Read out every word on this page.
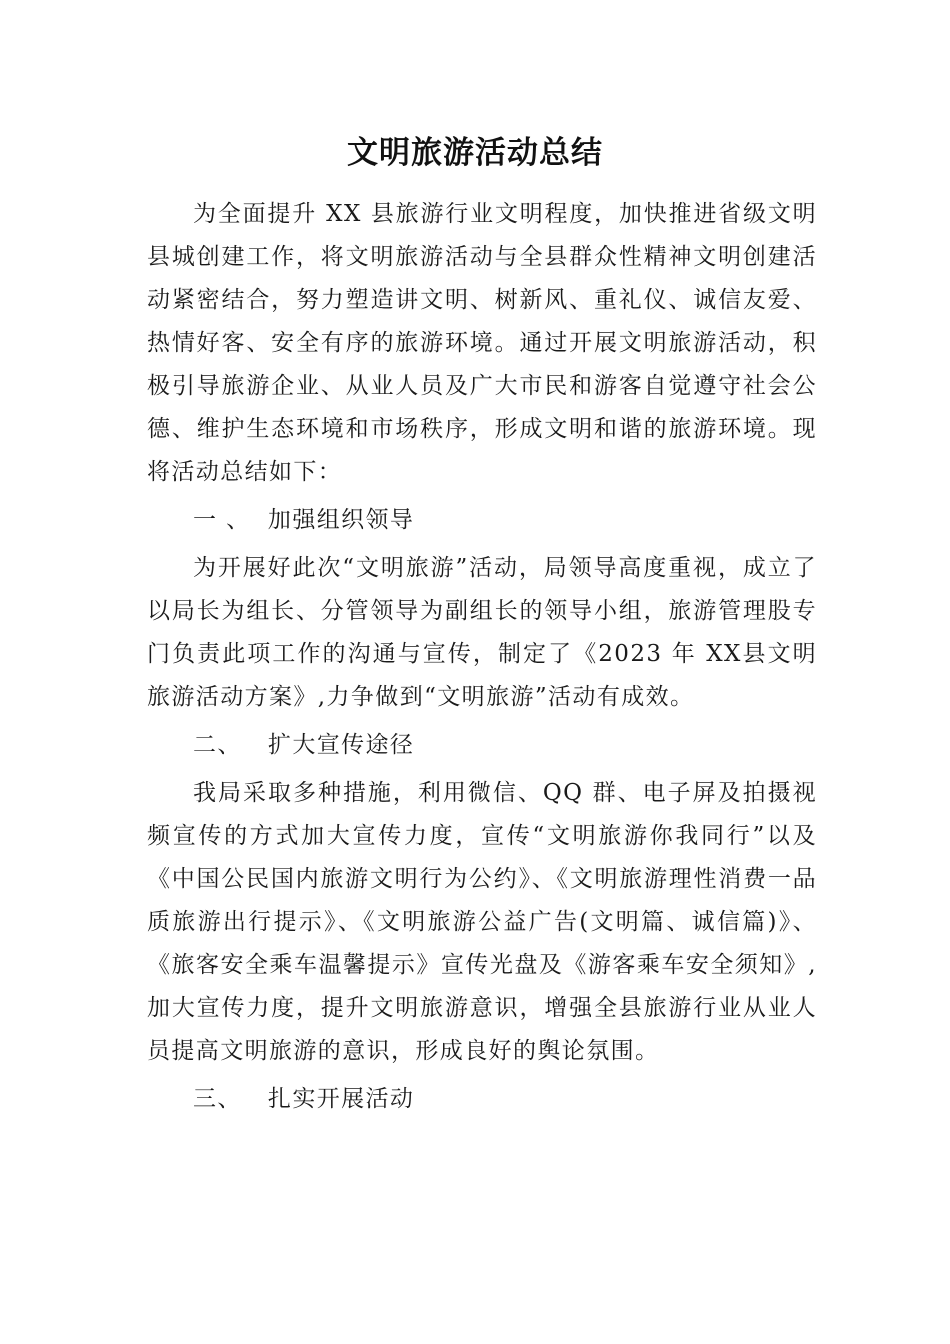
文明旅游活动总结

为全面提升 XX 县旅游行业文明程度，加快推进省级文明县城创建工作，将文明旅游活动与全县群众性精神文明创建活动紧密结合，努力塑造讲文明、树新风、重礼仪、诚信友爱、热情好客、安全有序的旅游环境。通过开展文明旅游活动，积极引导旅游企业、从业人员及广大市民和游客自觉遵守社会公德、维护生态环境和市场秩序，形成文明和谐的旅游环境。现将活动总结如下：

一 、  加强组织领导

为开展好此次“文明旅游”活动，局领导高度重视，成立了以局长为组长、分管领导为副组长的领导小组，旅游管理股专门负责此项工作的沟通与宣传，制定了《2023 年 XX县文明旅游活动方案》,力争做到“文明旅游”活动有成效。

二、   扩大宣传途径

我局采取多种措施，利用微信、QQ 群、电子屏及拍摄视频宣传的方式加大宣传力度，宣传“文明旅游你我同行”以及《中国公民国内旅游文明行为公约》、《文明旅游理性消费一品质旅游出行提示》、《文明旅游公益广告(文明篇、诚信篇)》、《旅客安全乘车温馨提示》宣传光盘及《游客乘车安全须知》,加大宣传力度，提升文明旅游意识，增强全县旅游行业从业人员提高文明旅游的意识，形成良好的舆论氛围。

三、   扎实开展活动
